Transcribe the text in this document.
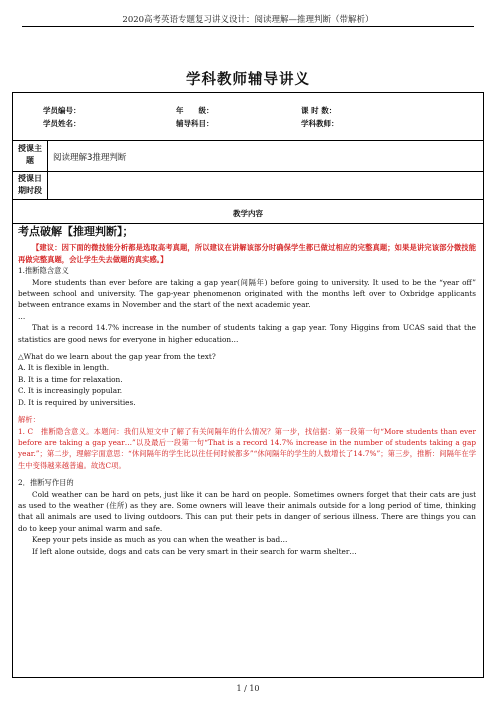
2020高考英语专题复习讲义设计：阅读理解—推理判断（带解析）
学科教师辅导讲义
学员编号：	年　　级：	课 时 数：
学员姓名：	辅导科目：	学科教师：
授课主题	阅读理解3推理判断
授课日期时段
教学内容

考点破解【推理判断】；

【建议：因下面的微技能分析都是选取高考真题，所以建议在讲解该部分时确保学生都已做过相应的完整真题；如果是讲完该部分微技能再做完整真题，会让学生失去做题的真实感。】

1.推断隐含意义

More students than ever before are taking a gap year(间隔年) before going to university. It used to be the “year off” between school and university. The gap-year phenomenon originated with the months left over to Oxbridge applicants between entrance exams in November and the start of the next academic year.

…

That is a record 14.7% increase in the number of students taking a gap year. Tony Higgins from UCAS said that the statistics are good news for everyone in higher education…

△What do we learn about the gap year from the text?

A. It is flexible in length.

B. It is a time for relaxation.

C. It is increasingly popular.

D. It is required by universities.

解析：

1. C　推断隐含意义。本题问：我们从短文中了解了有关间隔年的什么情况？第一步，找信据：第一段第一句“More students than ever before are taking a gap year…”以及最后一段第一句“That is a record 14.7% increase in the number of students taking a gap year.”；第二步，理解字面意思：“休间隔年的学生比以往任何时候都多”“休间隔年的学生的人数增长了14.7%”；第三步，推断：间隔年在学生中变得越来越普遍。故选C项。

2．推断写作目的

Cold weather can be hard on pets, just like it can be hard on people. Sometimes owners forget that their cats are just as used to the weather (住所) as they are. Some owners will leave their animals outside for a long period of time, thinking that all animals are used to living outdoors. This can put their pets in danger of serious illness. There are things you can do to keep your animal warm and safe.

Keep your pets inside as much as you can when the weather is bad…

If left alone outside, dogs and cats can be very smart in their search for warm shelter…

1 / 10
